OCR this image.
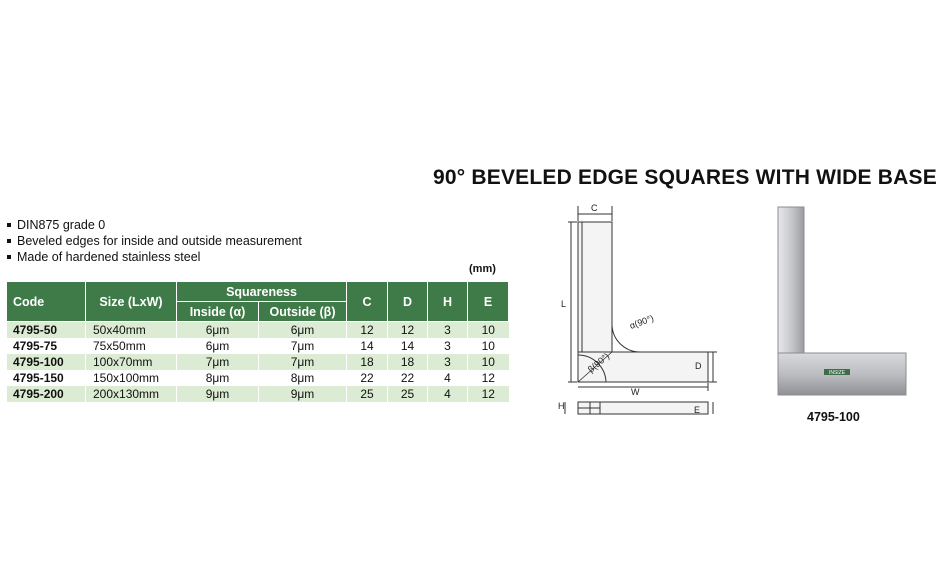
90° BEVELED EDGE SQUARES WITH WIDE BASE
DIN875 grade 0
Beveled edges for inside and outside measurement
Made of hardened stainless steel
(mm)
Code	Size (LxW)	Squareness		C	D	H	E
		Inside (α)	Outside (β)				
4795-50	50x40mm	6μm	6μm	12	12	3	10
4795-75	75x50mm	6μm	7μm	14	14	3	10
4795-100	100x70mm	7μm	7μm	18	18	3	10
4795-150	150x100mm	8μm	8μm	22	22	4	12
4795-200	200x130mm	9μm	9μm	25	25	4	12
C
L
W
D
H	E
α(90°)
β(90°)	INSIZE
4795-100
